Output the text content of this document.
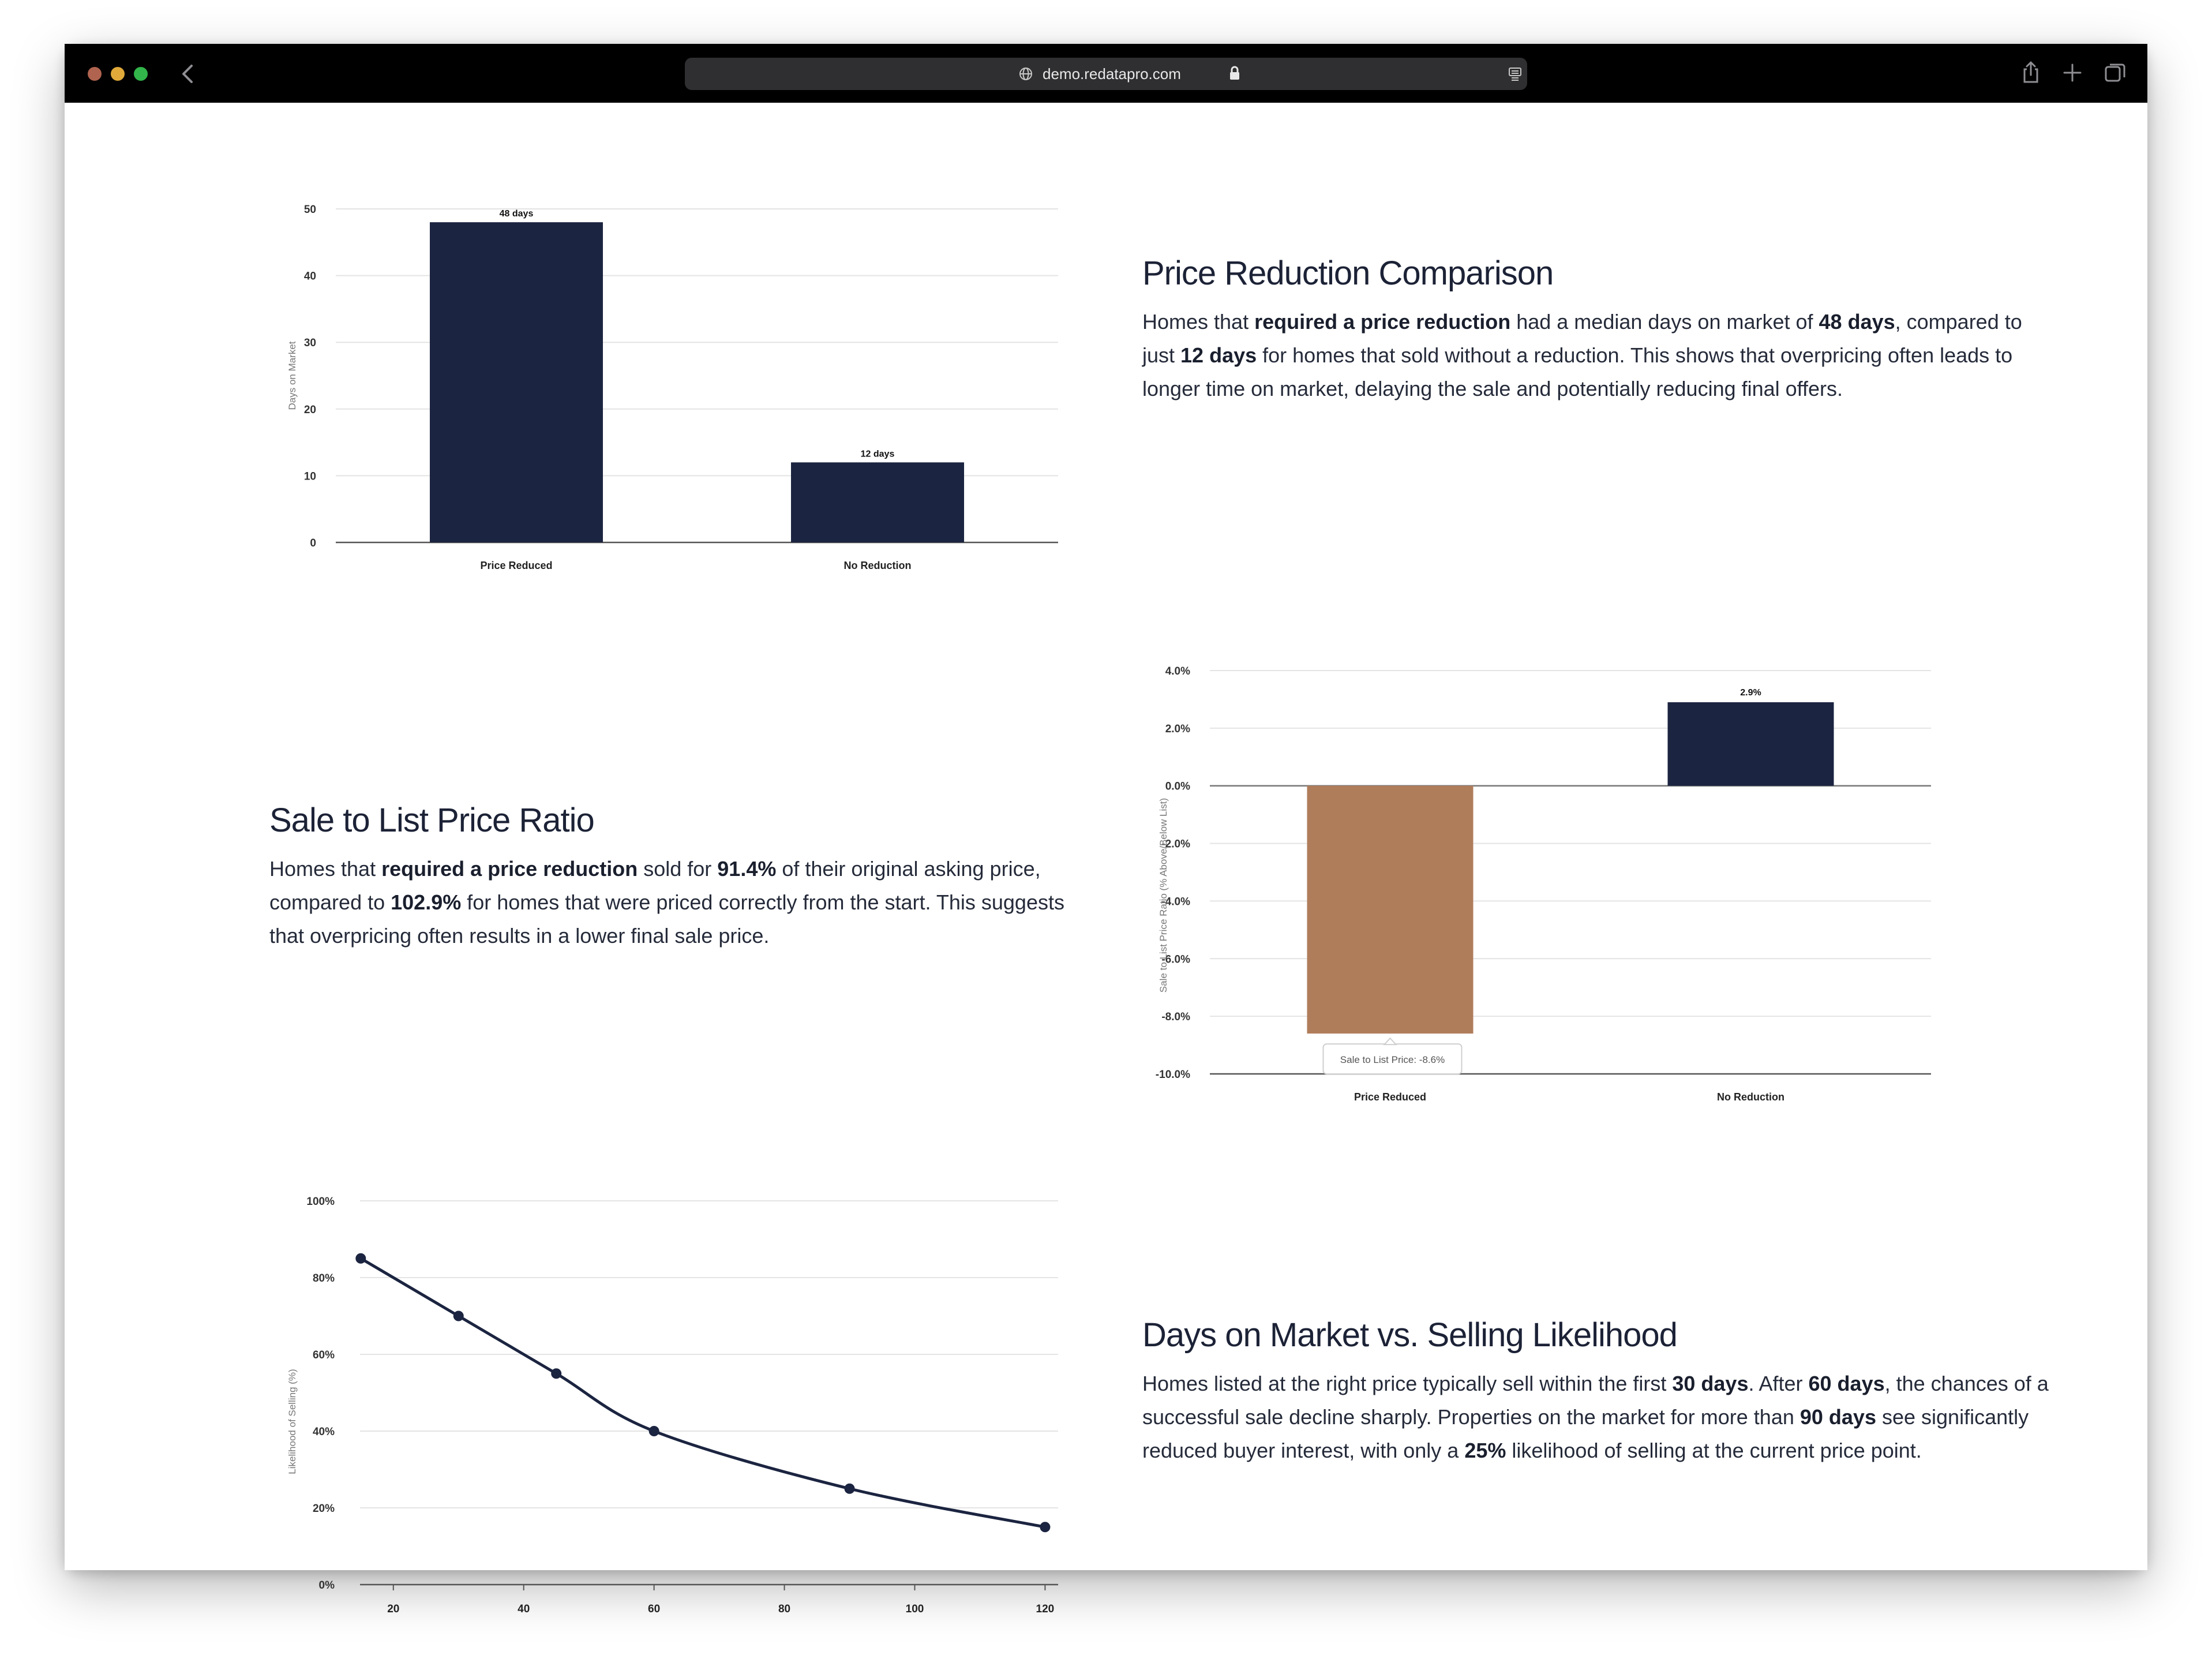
demo.redatapro.com
0
10
20
30
40
50
Days on Market
48 days
Price Reduced
12 days
No Reduction
4.0%
2.0%
0.0%
-2.0%
-4.0%
-6.0%
-8.0%
-10.0%
Sale to List Price Ratio (% Above/Below List)
Price Reduced
2.9%
No Reduction
Sale to List Price: -8.6%
0%
20%
40%
60%
80%
100%
20	40	60	80	100	120
Likelihood of Selling (%)
Price Reduction Comparison

Homes that required a price reduction had a median days on market of 48 days, compared to just 12 days for homes that sold without a reduction. This shows that overpricing often leads to longer time on market, delaying the sale and potentially reducing final offers.

Sale to List Price Ratio

Homes that required a price reduction sold for 91.4% of their original asking price, compared to 102.9% for homes that were priced correctly from the start. This suggests that overpricing often results in a lower final sale price.

Days on Market vs. Selling Likelihood

Homes listed at the right price typically sell within the first 30 days. After 60 days, the chances of a successful sale decline sharply. Properties on the market for more than 90 days see significantly reduced buyer interest, with only a 25% likelihood of selling at the current price point.
